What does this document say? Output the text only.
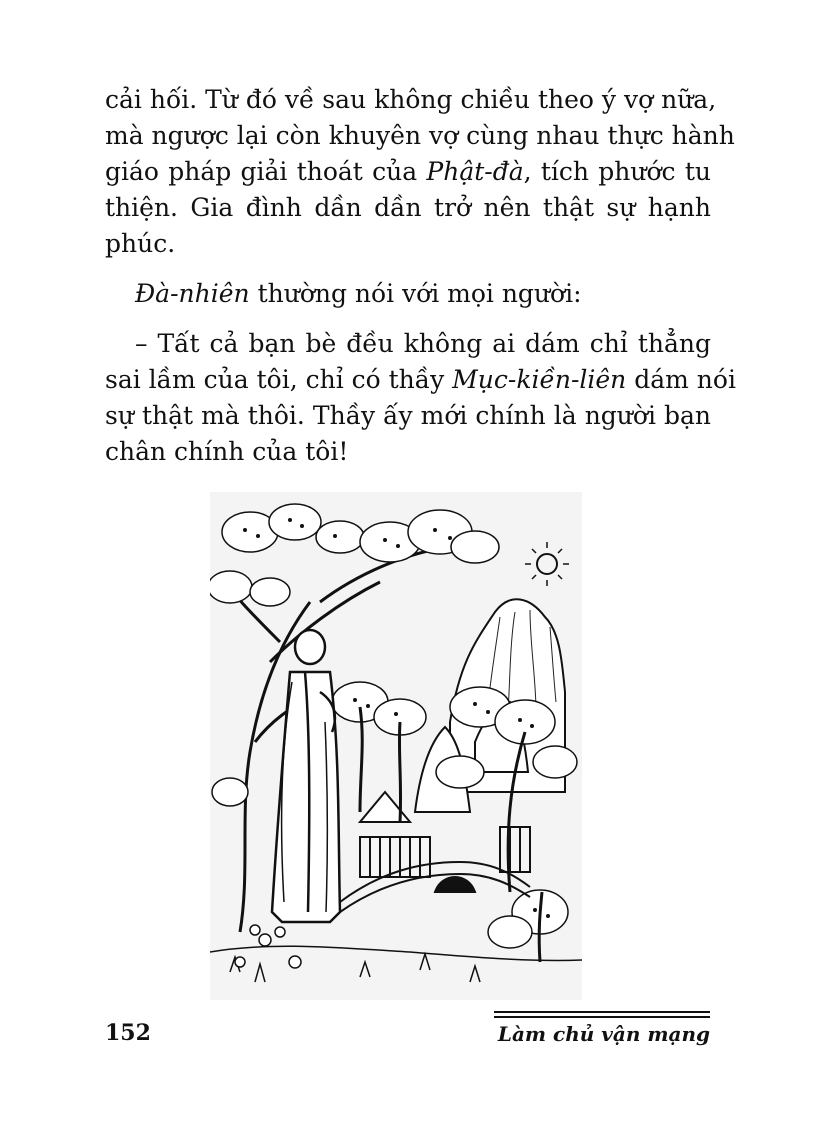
cải hối. Từ đó về sau không chiều theo ý vợ nữa,
mà ngược lại còn khuyên vợ cùng nhau thực hành
giáo pháp giải thoát của Phật-đà, tích phước tu
thiện. Gia đình dần dần trở nên thật sự hạnh
phúc.

Đà-nhiên thường nói với mọi người:

– Tất cả bạn bè đều không ai dám chỉ thẳng
sai lầm của tôi, chỉ có thầy Mục-kiền-liên dám nói
sự thật mà thôi. Thầy ấy mới chính là người bạn
chân chính của tôi!

152	Làm chủ vận mạng
